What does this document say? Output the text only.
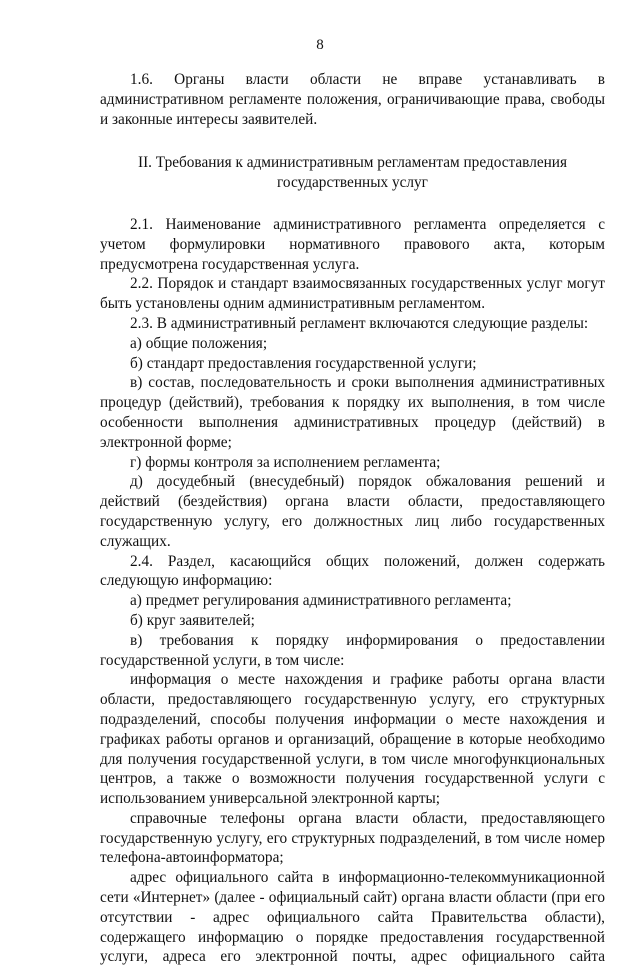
8

1.6. Органы власти области не вправе устанавливать в административном регламенте положения, ограничивающие права, свободы и законные интересы заявителей.

II. Требования к административным регламентам предоставления
государственных услуг

2.1. Наименование административного регламента определяется с учетом формулировки нормативного правового акта, которым предусмотрена государственная услуга.

2.2. Порядок и стандарт взаимосвязанных государственных услуг могут быть установлены одним административным регламентом.

2.3. В административный регламент включаются следующие разделы:

а) общие положения;

б) стандарт предоставления государственной услуги;

в) состав, последовательность и сроки выполнения административных процедур (действий), требования к порядку их выполнения, в том числе особенности выполнения административных процедур (действий) в электронной форме;

г) формы контроля за исполнением регламента;

д) досудебный (внесудебный) порядок обжалования решений и действий (бездействия) органа власти области, предоставляющего государственную услугу, его должностных лиц либо государственных служащих.

2.4. Раздел, касающийся общих положений, должен содержать следующую информацию:

а) предмет регулирования административного регламента;

б) круг заявителей;

в) требования к порядку информирования о предоставлении государственной услуги, в том числе:

информация о месте нахождения и графике работы органа власти области, предоставляющего государственную услугу, его структурных подразделений, способы получения информации о месте нахождения и графиках работы органов и организаций, обращение в которые необходимо для получения государственной услуги, в том числе многофункциональных центров, а также о возможности получения государственной услуги с использованием универсальной электронной карты;

справочные телефоны органа власти области, предоставляющего государственную услугу, его структурных подразделений, в том числе номер телефона-автоинформатора;

адрес официального сайта в информационно-телекоммуникационной сети «Интернет» (далее - официальный сайт) органа власти области (при его отсутствии - адрес официального сайта Правительства области), содержащего информацию о порядке предоставления государственной услуги, адреса его электронной почты, адрес официального сайта
